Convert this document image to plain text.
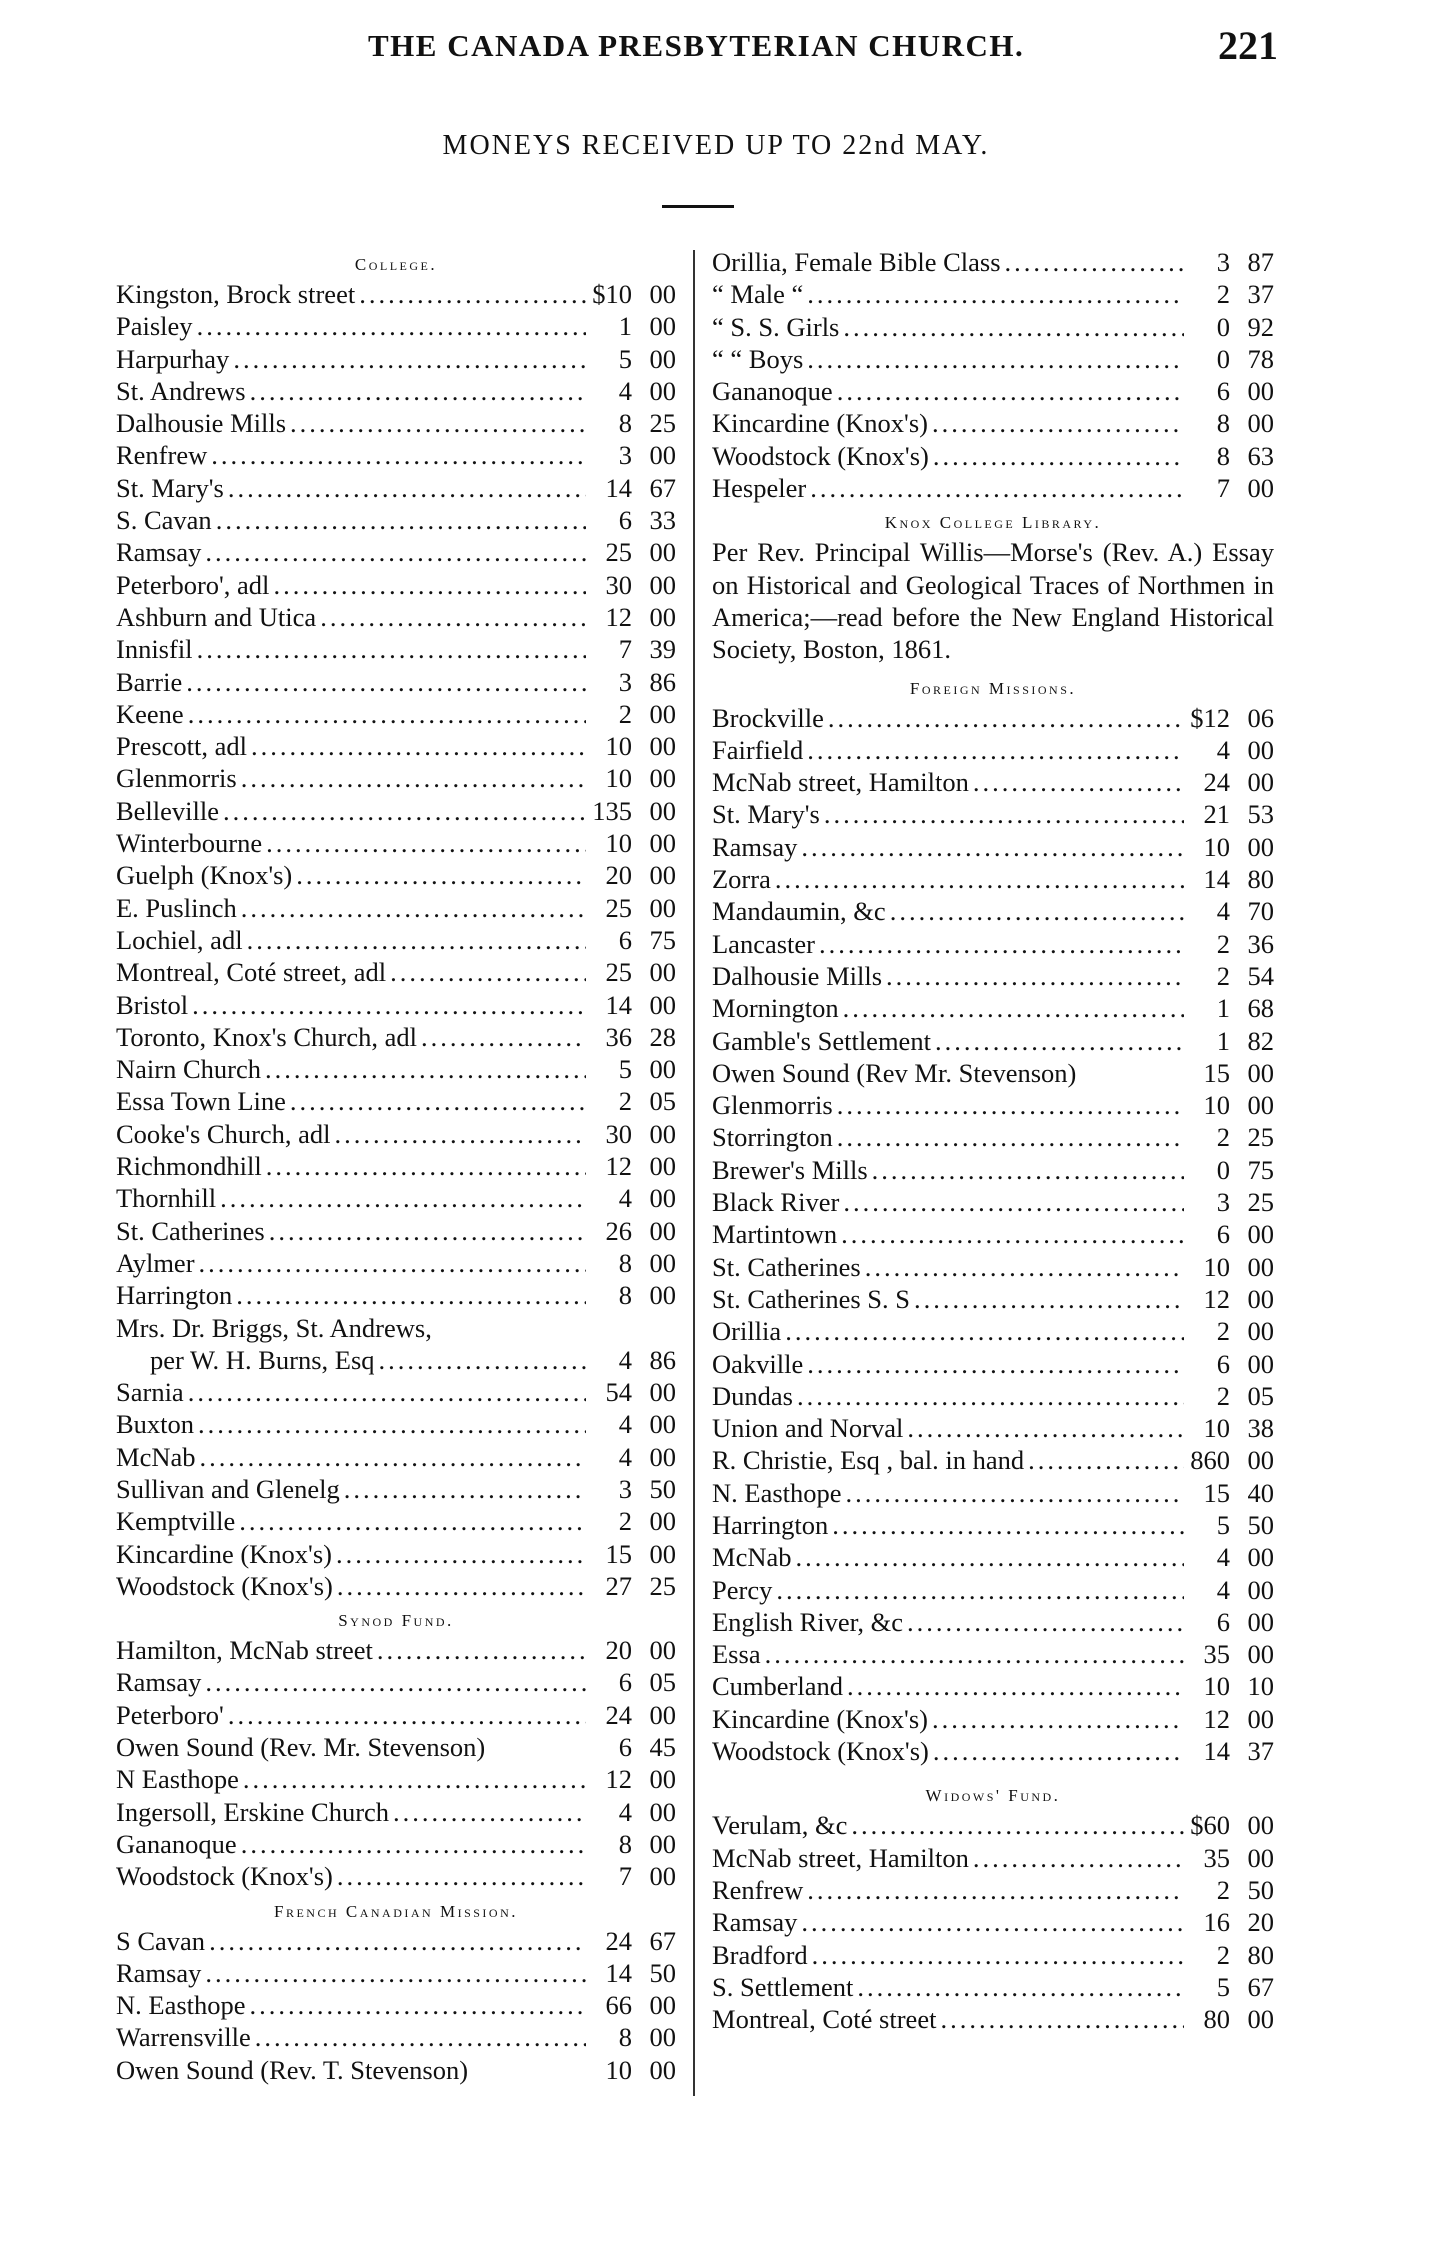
THE CANADA PRESBYTERIAN CHURCH.	221
MONEYS RECEIVED UP TO 22nd MAY.
College.
Kingston, Brock street .....	$10 00
Paisley .....	1 00
Harpurhay .....	5 00
St. Andrews .....	4 00
Dalhousie Mills .....	8 25
Renfrew .....	3 00
St. Mary's .....	14 67
S. Cavan .....	6 33
Ramsay .....	25 00
Peterboro', adl .....	30 00
Ashburn and Utica .....	12 00
Innisfil .....	7 39
Barrie .....	3 86
Keene .....	2 00
Prescott, adl .....	10 00
Glenmorris .....	10 00
Belleville .....	135 00
Winterbourne .....	10 00
Guelph (Knox's) .....	20 00
E. Puslinch .....	25 00
Lochiel, adl .....	6 75
Montreal, Coté street, adl .....	25 00
Bristol .....	14 00
Toronto, Knox's Church, adl .....	36 28
Nairn Church .....	5 00
Essa Town Line .....	2 05
Cooke's Church, adl .....	30 00
Richmondhill .....	12 00
Thornhill .....	4 00
St. Catherines .....	26 00
Aylmer .....	8 00
Harrington .....	8 00
Mrs. Dr. Briggs, St. Andrews,
per W. H. Burns, Esq .....	4 86
Sarnia .....	54 00
Buxton .....	4 00
McNab .....	4 00
Sullivan and Glenelg .....	3 50
Kemptville .....	2 00
Kincardine (Knox's) .....	15 00
Woodstock (Knox's) .....	27 25
Synod Fund.
Hamilton, McNab street .....	20 00
Ramsay .....	6 05
Peterboro' .....	24 00
Owen Sound (Rev. Mr. Stevenson)	6 45
N Easthope .....	12 00
Ingersoll, Erskine Church .....	4 00
Gananoque .....	8 00
Woodstock (Knox's) .....	7 00
French Canadian Mission.
S Cavan .....	24 67
Ramsay .....	14 50
N. Easthope .....	66 00
Warrensville .....	8 00
Owen Sound (Rev. T. Stevenson)	10 00
Orillia, Female Bible Class .....	3 87
“ Male “ .....	2 37
“ S. S. Girls .....	0 92
“ “ Boys .....	0 78
Gananoque .....	6 00
Kincardine (Knox's) .....	8 00
Woodstock (Knox's) .....	8 63
Hespeler .....	7 00
Knox College Library.
Per Rev. Principal Willis—Morse's (Rev. A.) Essay on Historical and Geological Traces of Northmen in America;—read before the New England Historical Society, Boston, 1861.
Foreign Missions.
Brockville .....	$12 06
Fairfield .....	4 00
McNab street, Hamilton .....	24 00
St. Mary's .....	21 53
Ramsay .....	10 00
Zorra .....	14 80
Mandaumin, &c .....	4 70
Lancaster .....	2 36
Dalhousie Mills .....	2 54
Mornington .....	1 68
Gamble's Settlement .....	1 82
Owen Sound (Rev Mr. Stevenson)	15 00
Glenmorris .....	10 00
Storrington .....	2 25
Brewer's Mills .....	0 75
Black River .....	3 25
Martintown .....	6 00
St. Catherines .....	10 00
St. Catherines S. S .....	12 00
Orillia .....	2 00
Oakville .....	6 00
Dundas .....	2 05
Union and Norval .....	10 38
R. Christie, Esq , bal. in hand .....	860 00
N. Easthope .....	15 40
Harrington .....	5 50
McNab .....	4 00
Percy .....	4 00
English River, &c .....	6 00
Essa .....	35 00
Cumberland .....	10 10
Kincardine (Knox's) .....	12 00
Woodstock (Knox's) .....	14 37
Widows' Fund.
Verulam, &c .....	$60 00
McNab street, Hamilton .....	35 00
Renfrew .....	2 50
Ramsay .....	16 20
Bradford .....	2 80
S. Settlement .....	5 67
Montreal, Coté street .....	80 00
